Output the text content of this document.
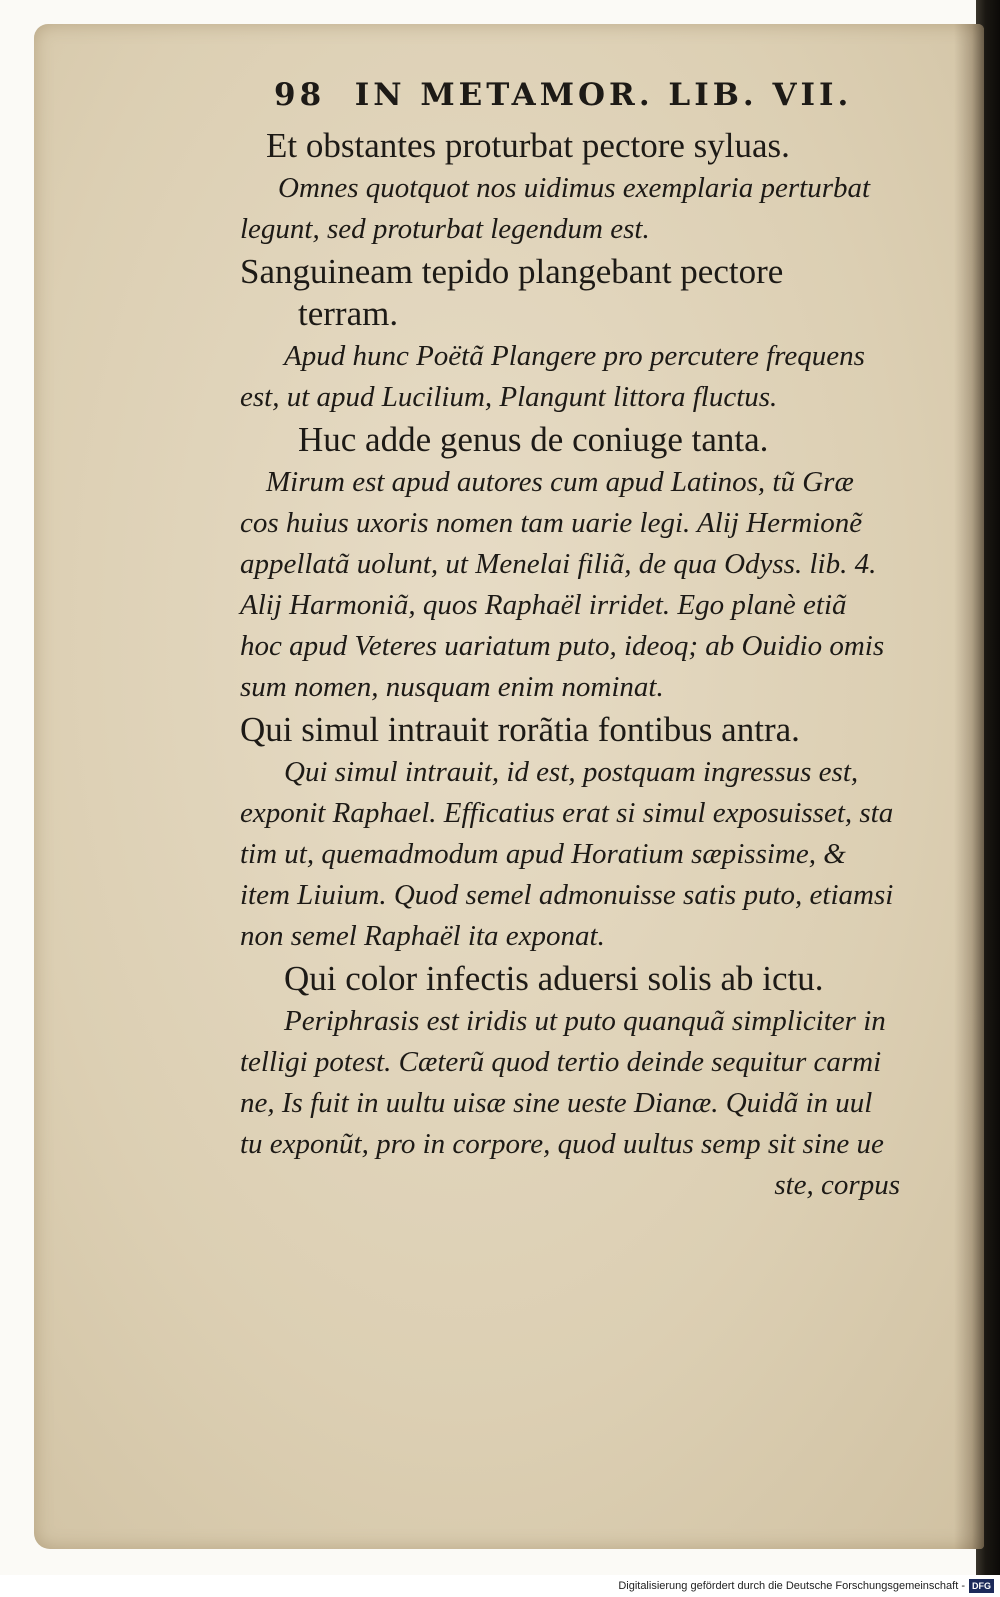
98 IN METAMOR. LIB. VII.
Et obstantes proturbat pectore syluas.
Omnes quotquot nos uidimus exemplaria perturbat
legunt, sed proturbat legendum est.
Sanguineam tepido plangebant pectore
terram.
Apud hunc Poëtã Plangere pro percutere frequens
est, ut apud Lucilium, Plangunt littora fluctus.
Huc adde genus de coniuge tanta.
Mirum est apud autores cum apud Latinos, tũ Græ
cos huius uxoris nomen tam uarie legi. Alij Hermionẽ
appellatã uolunt, ut Menelai filiã, de qua Odyss. lib. 4.
Alij Harmoniã, quos Raphaël irridet. Ego planè etiã
hoc apud Veteres uariatum puto, ideoq; ab Ouidio omis
sum nomen, nusquam enim nominat.
Qui simul intrauit rorãtia fontibus antra.
Qui simul intrauit, id est, postquam ingressus est,
exponit Raphael. Efficatius erat si simul exposuisset, sta
tim ut, quemadmodum apud Horatium sæpissime, &
item Liuium. Quod semel admonuisse satis puto, etiamsi
non semel Raphaël ita exponat.
Qui color infectis aduersi solis ab ictu.
Periphrasis est iridis ut puto quanquã simpliciter in
telligi potest. Cæterũ quod tertio deinde sequitur carmi
ne, Is fuit in uultu uisæ sine ueste Dianæ. Quidã in uul
tu exponũt, pro in corpore, quod uultus semp sit sine ue
ste, corpus
Digitalisierung gefördert durch die Deutsche Forschungsgemeinschaft - DFG
